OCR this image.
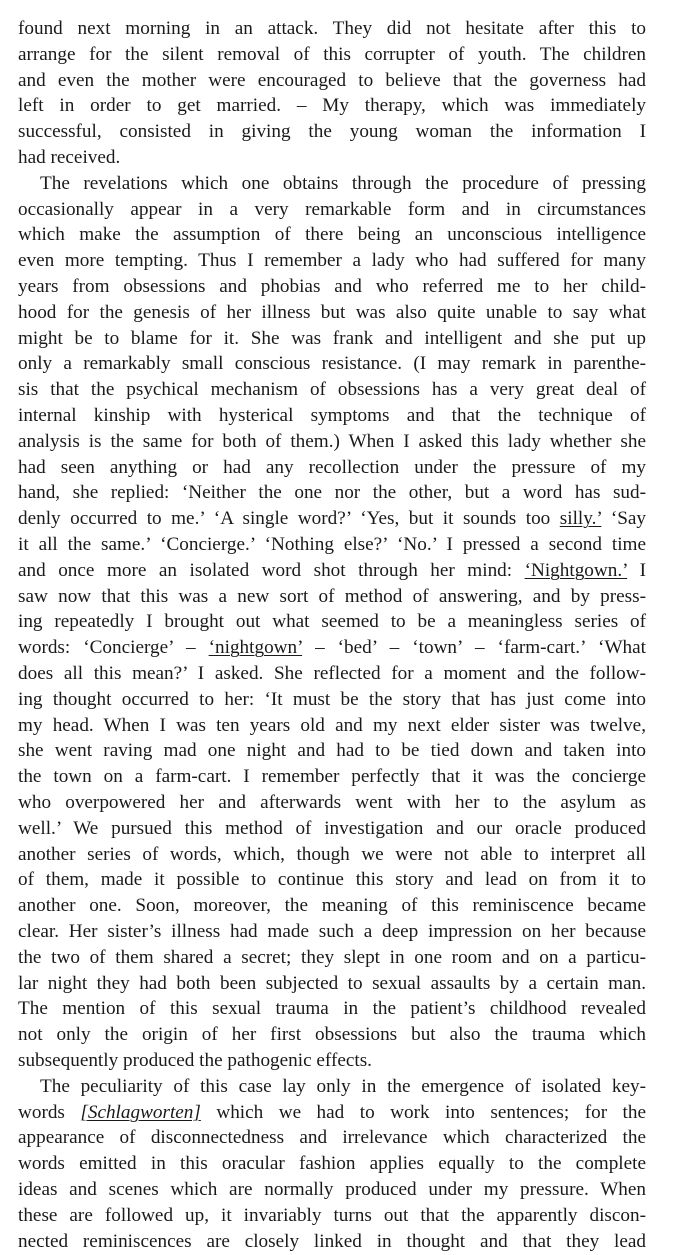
found next morning in an attack. They did not hesitate after this to
arrange for the silent removal of this corrupter of youth. The children
and even the mother were encouraged to believe that the governess had
left in order to get married. – My therapy, which was immediately
successful, consisted in giving the young woman the information I
had received.
The revelations which one obtains through the procedure of pressing
occasionally appear in a very remarkable form and in circumstances
which make the assumption of there being an unconscious intelligence
even more tempting. Thus I remember a lady who had suffered for many
years from obsessions and phobias and who referred me to her child-
hood for the genesis of her illness but was also quite unable to say what
might be to blame for it. She was frank and intelligent and she put up
only a remarkably small conscious resistance. (I may remark in parenthe-
sis that the psychical mechanism of obsessions has a very great deal of
internal kinship with hysterical symptoms and that the technique of
analysis is the same for both of them.) When I asked this lady whether she
had seen anything or had any recollection under the pressure of my
hand, she replied: ‘Neither the one nor the other, but a word has sud-
denly occurred to me.’ ‘A single word?’ ‘Yes, but it sounds too silly.’ ‘Say
it all the same.’ ‘Concierge.’ ‘Nothing else?’ ‘No.’ I pressed a second time
and once more an isolated word shot through her mind: ‘Nightgown.’ I
saw now that this was a new sort of method of answering, and by press-
ing repeatedly I brought out what seemed to be a meaningless series of
words: ‘Concierge’ – ‘nightgown’ – ‘bed’ – ‘town’ – ‘farm-cart.’ ‘What
does all this mean?’ I asked. She reflected for a moment and the follow-
ing thought occurred to her: ‘It must be the story that has just come into
my head. When I was ten years old and my next elder sister was twelve,
she went raving mad one night and had to be tied down and taken into
the town on a farm-cart. I remember perfectly that it was the concierge
who overpowered her and afterwards went with her to the asylum as
well.’ We pursued this method of investigation and our oracle produced
another series of words, which, though we were not able to interpret all
of them, made it possible to continue this story and lead on from it to
another one. Soon, moreover, the meaning of this reminiscence became
clear. Her sister’s illness had made such a deep impression on her because
the two of them shared a secret; they slept in one room and on a particu-
lar night they had both been subjected to sexual assaults by a certain man.
The mention of this sexual trauma in the patient’s childhood revealed
not only the origin of her first obsessions but also the trauma which
subsequently produced the pathogenic effects.
The peculiarity of this case lay only in the emergence of isolated key-
words [Schlagworten] which we had to work into sentences; for the
appearance of disconnectedness and irrelevance which characterized the
words emitted in this oracular fashion applies equally to the complete
ideas and scenes which are normally produced under my pressure. When
these are followed up, it invariably turns out that the apparently discon-
nected reminiscences are closely linked in thought and that they lead
